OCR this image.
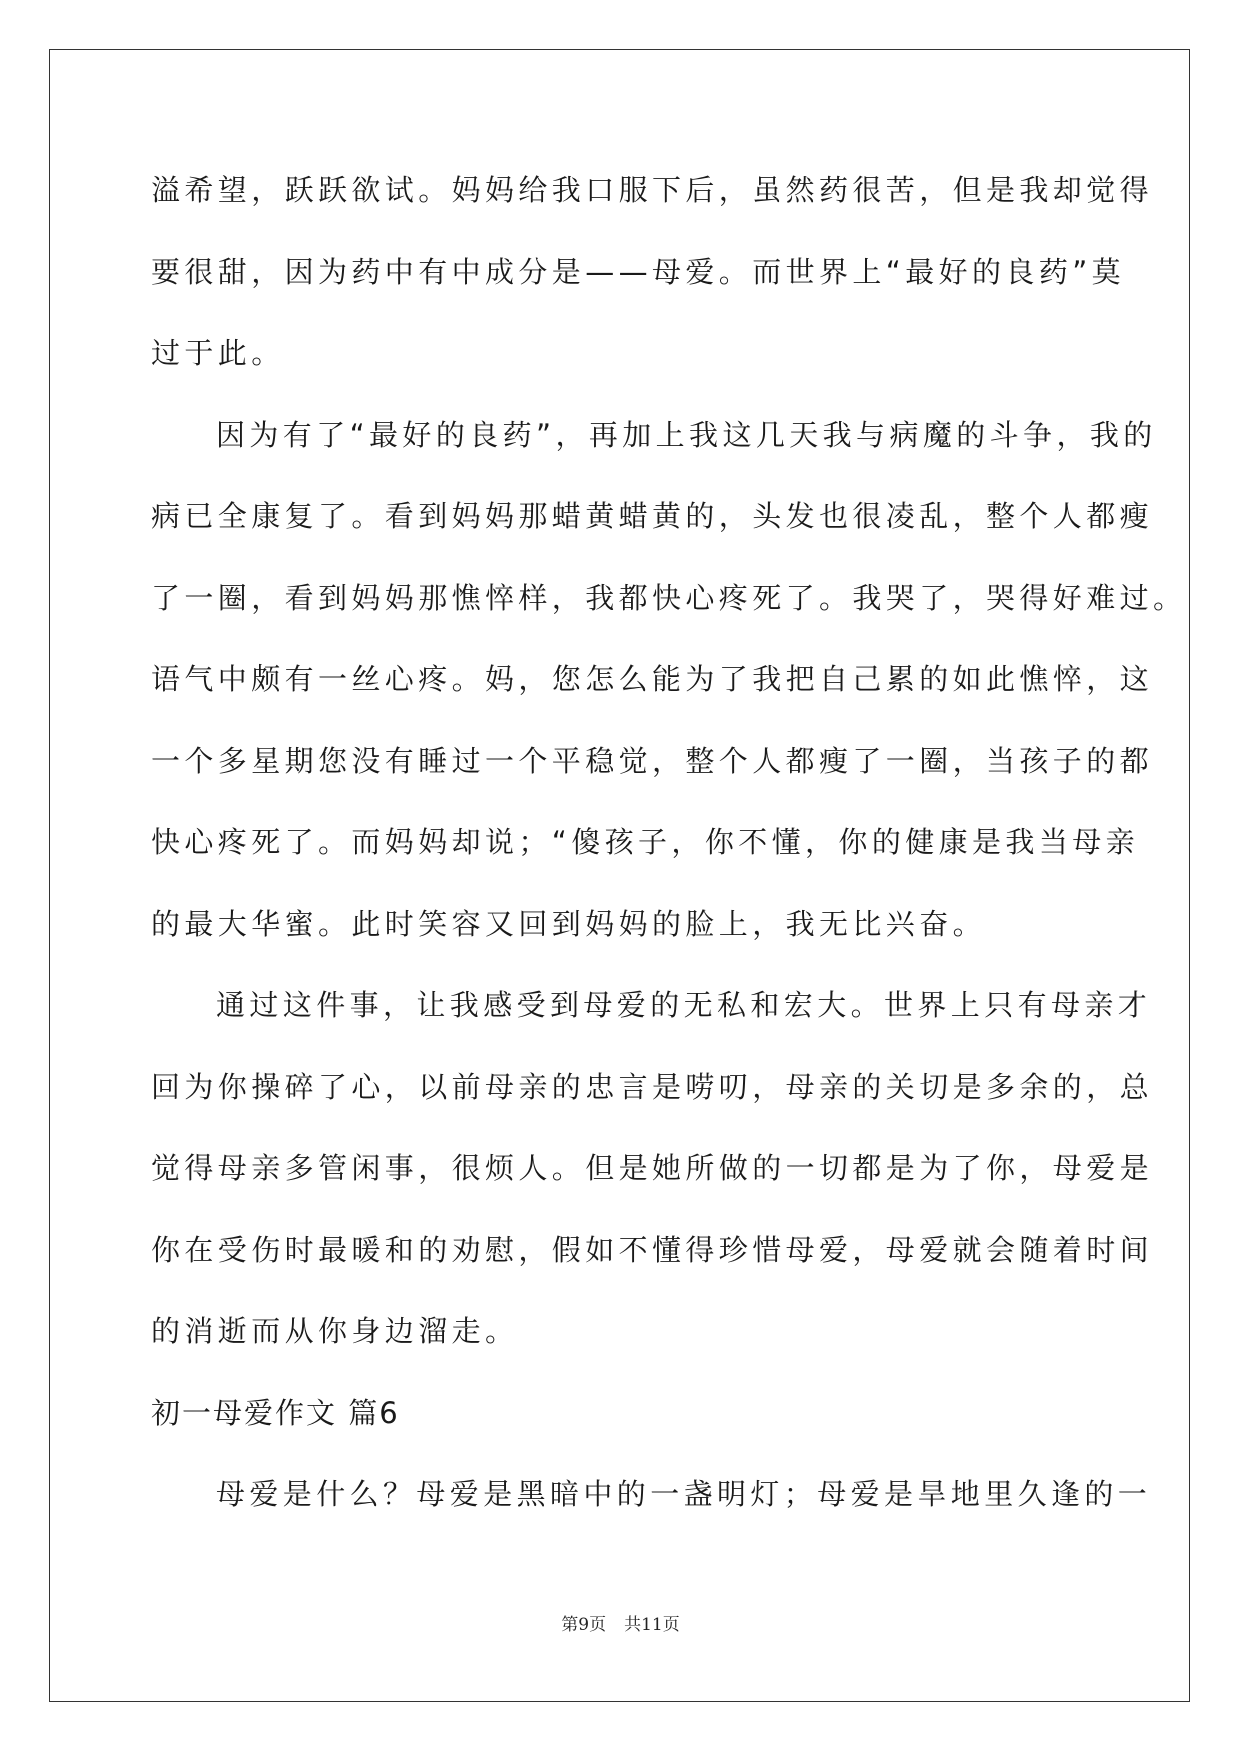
溢希望，跃跃欲试。妈妈给我口服下后，虽然药很苦，但是我却觉得
要很甜，因为药中有中成分是——母爱。而世界上“最好的良药”莫
过于此。
因为有了“最好的良药”，再加上我这几天我与病魔的斗争，我的
病已全康复了。看到妈妈那蜡黄蜡黄的，头发也很凌乱，整个人都瘦
了一圈，看到妈妈那憔悴样，我都快心疼死了。我哭了，哭得好难过。
语气中颇有一丝心疼。妈，您怎么能为了我把自己累的如此憔悴，这
一个多星期您没有睡过一个平稳觉，整个人都瘦了一圈，当孩子的都
快心疼死了。而妈妈却说；“傻孩子，你不懂，你的健康是我当母亲
的最大华蜜。此时笑容又回到妈妈的脸上，我无比兴奋。
通过这件事，让我感受到母爱的无私和宏大。世界上只有母亲才
回为你操碎了心，以前母亲的忠言是唠叨，母亲的关切是多余的，总
觉得母亲多管闲事，很烦人。但是她所做的一切都是为了你，母爱是
你在受伤时最暖和的劝慰，假如不懂得珍惜母爱，母爱就会随着时间
的消逝而从你身边溜走。
初一母爱作文 篇6
母爱是什么？母爱是黑暗中的一盏明灯；母爱是旱地里久逢的一
第9页 共11页
